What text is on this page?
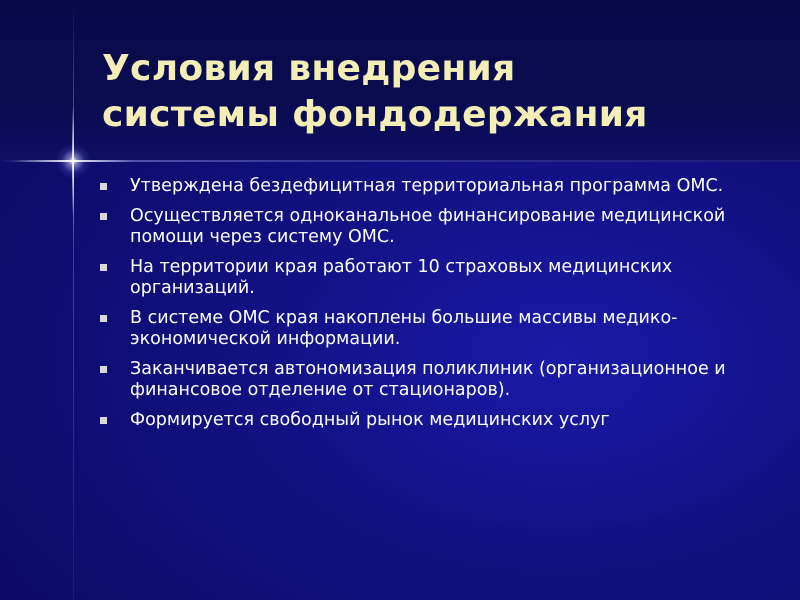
Условия внедрения
системы фондодержания
Утверждена бездефицитная территориальная программа ОМС.
Осуществляется одноканальное финансирование медицинской помощи через систему ОМС.
На территории края работают 10 страховых медицинских организаций.
В системе ОМС края накоплены большие массивы медико-экономической информации.
Заканчивается автономизация поликлиник (организационное и финансовое отделение от стационаров).
Формируется свободный рынок медицинских услуг
